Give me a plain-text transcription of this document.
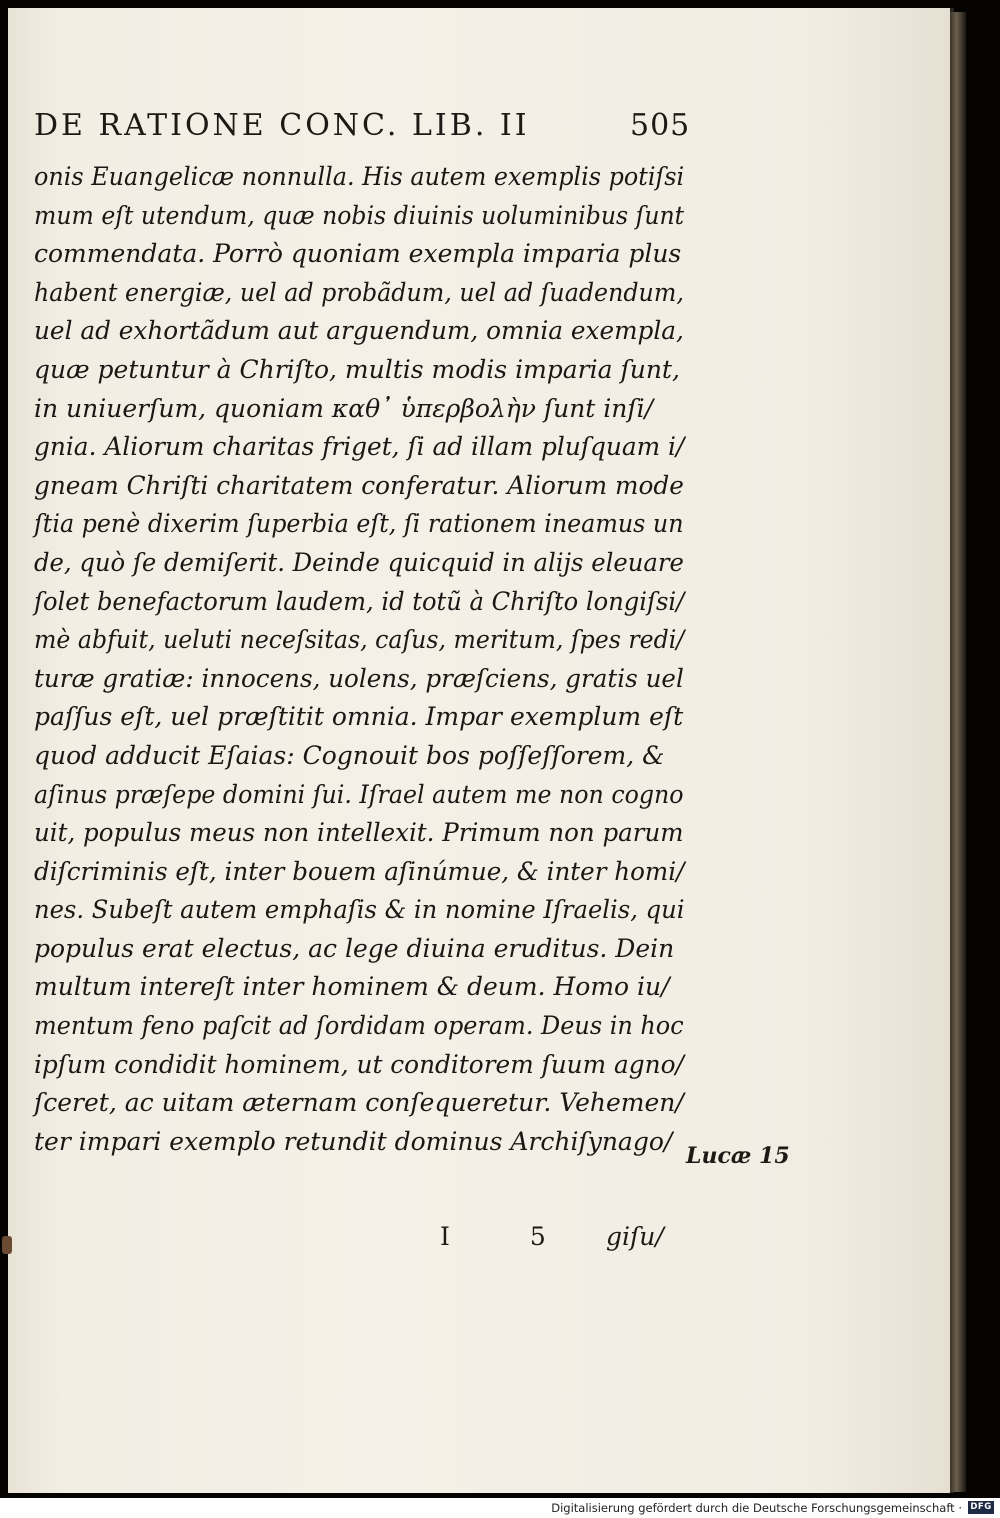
DE RATIONE CONC. LIB. II	505
onis Euangelicæ nonnulla. His autem exemplis potiſsi
mum eſt utendum, quæ nobis diuinis uoluminibus ſunt
commendata. Porrò quoniam exempla imparia plus
habent energiæ, uel ad probãdum, uel ad ſuadendum,
uel ad exhortãdum aut arguendum, omnia exempla,
quæ petuntur à Chriſto, multis modis imparia ſunt,
in uniuerſum, quoniam καθ᾽ ὑπερβολὴν ſunt inſi/
gnia. Aliorum charitas friget, ſi ad illam pluſquam i/
gneam Chriſti charitatem conferatur. Aliorum mode
ſtia penè dixerim ſuperbia eſt, ſi rationem ineamus un
de, quò ſe demiſerit. Deinde quicquid in alijs eleuare
ſolet benefactorum laudem, id totũ à Chriſto longiſsi/
mè abfuit, ueluti neceſsitas, caſus, meritum, ſpes redi/
turæ gratiæ: innocens, uolens, præſciens, gratis uel
paſſus eſt, uel præſtitit omnia. Impar exemplum eſt
quod adducit Eſaias: Cognouit bos poſſeſſorem, &
aſinus præſepe domini ſui. Iſrael autem me non cogno
uit, populus meus non intellexit. Primum non parum
diſcriminis eſt, inter bouem aſinúmue, & inter homi/
nes. Subeſt autem emphaſis & in nomine Iſraelis, qui
populus erat electus, ac lege diuina eruditus. Dein
multum intereſt inter hominem & deum. Homo iu/
mentum feno paſcit ad ſordidam operam. Deus in hoc
ipſum condidit hominem, ut conditorem ſuum agno/
ſceret, ac uitam æternam conſequeretur. Vehemen/
ter impari exemplo retundit dominus Archiſynago/
Lucæ 15
I 5 giſu/
Digitalisierung gefördert durch die Deutsche Forschungsgemeinschaft · DFG
